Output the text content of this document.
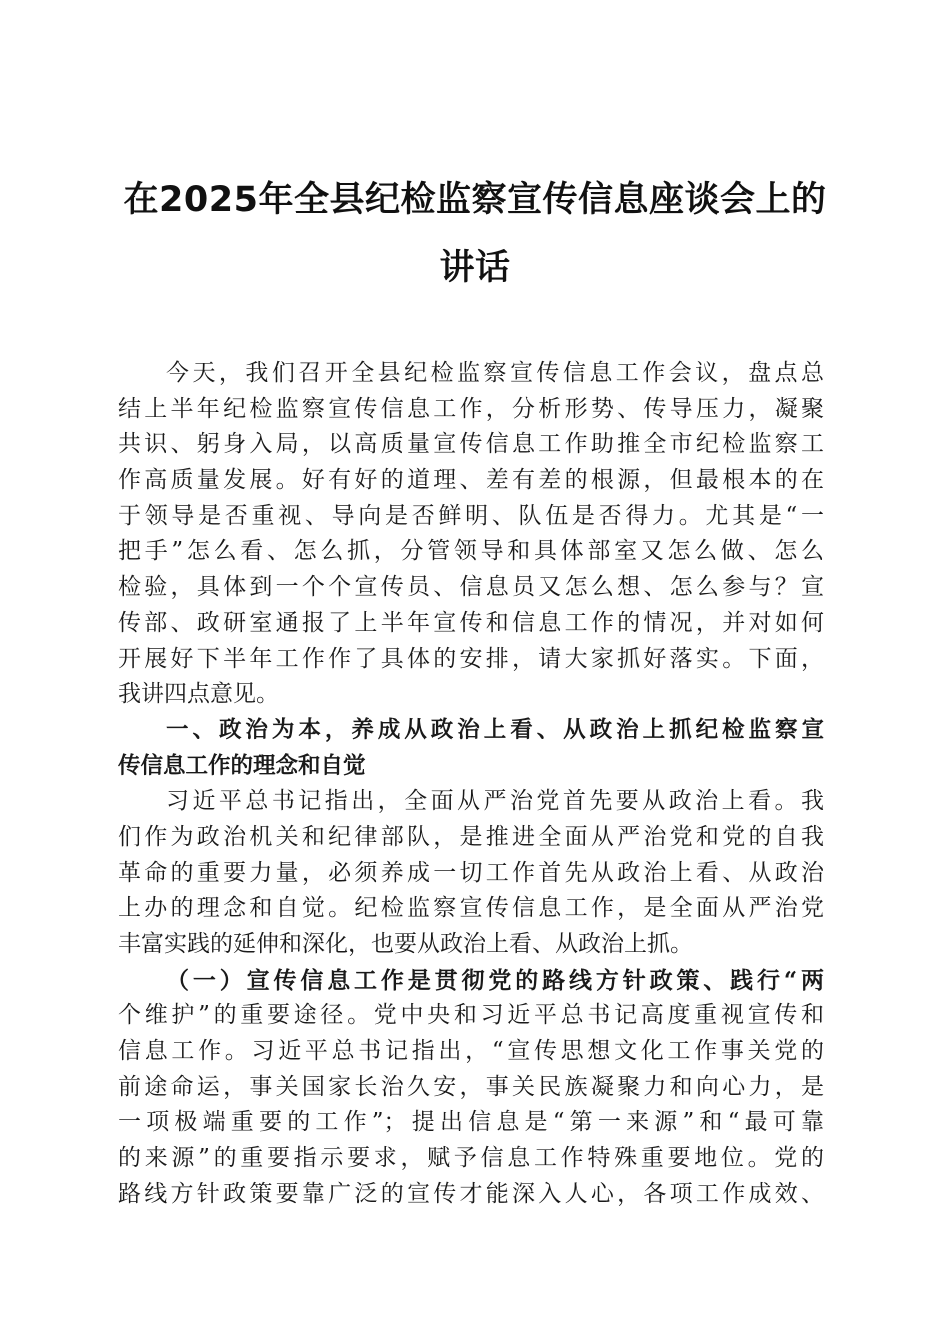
在2025年全县纪检监察宣传信息座谈会上的
讲话
今天，我们召开全县纪检监察宣传信息工作会议，盘点总
结上半年纪检监察宣传信息工作，分析形势、传导压力，凝聚
共识、躬身入局，以高质量宣传信息工作助推全市纪检监察工
作高质量发展。好有好的道理、差有差的根源，但最根本的在
于领导是否重视、导向是否鲜明、队伍是否得力。尤其是“一
把手”怎么看、怎么抓，分管领导和具体部室又怎么做、怎么
检验，具体到一个个宣传员、信息员又怎么想、怎么参与？宣
传部、政研室通报了上半年宣传和信息工作的情况，并对如何
开展好下半年工作作了具体的安排，请大家抓好落实。下面，
我讲四点意见。
一、政治为本，养成从政治上看、从政治上抓纪检监察宣
传信息工作的理念和自觉
习近平总书记指出，全面从严治党首先要从政治上看。我
们作为政治机关和纪律部队，是推进全面从严治党和党的自我
革命的重要力量，必须养成一切工作首先从政治上看、从政治
上办的理念和自觉。纪检监察宣传信息工作，是全面从严治党
丰富实践的延伸和深化，也要从政治上看、从政治上抓。
（一）宣传信息工作是贯彻党的路线方针政策、践行“两
个维护”的重要途径。党中央和习近平总书记高度重视宣传和
信息工作。习近平总书记指出，“宣传思想文化工作事关党的
前途命运，事关国家长治久安，事关民族凝聚力和向心力，是
一项极端重要的工作”；提出信息是“第一来源”和“最可靠
的来源”的重要指示要求，赋予信息工作特殊重要地位。党的
路线方针政策要靠广泛的宣传才能深入人心，各项工作成效、
